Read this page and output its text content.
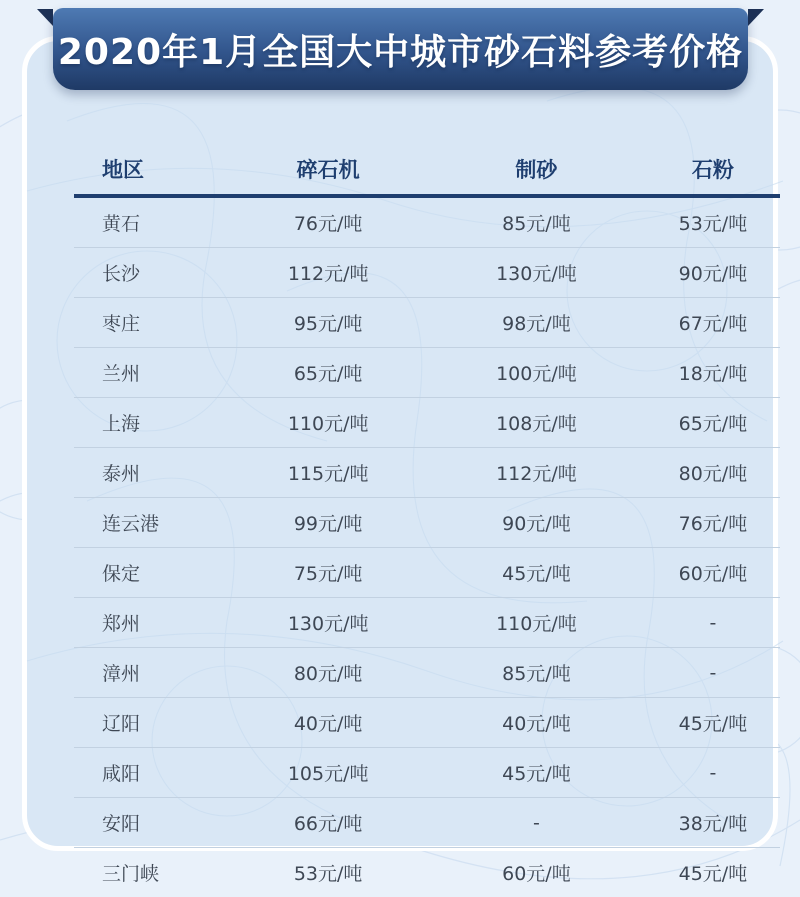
地区	碎石机	制砂	石粉
黄石	76元/吨	85元/吨	53元/吨
长沙	112元/吨	130元/吨	90元/吨
枣庄	95元/吨	98元/吨	67元/吨
兰州	65元/吨	100元/吨	18元/吨
上海	110元/吨	108元/吨	65元/吨
泰州	115元/吨	112元/吨	80元/吨
连云港	99元/吨	90元/吨	76元/吨
保定	75元/吨	45元/吨	60元/吨
郑州	130元/吨	110元/吨	-
漳州	80元/吨	85元/吨	-
辽阳	40元/吨	40元/吨	45元/吨
咸阳	105元/吨	45元/吨	-
安阳	66元/吨	-	38元/吨
三门峡	53元/吨	60元/吨	45元/吨
2020年1月全国大中城市砂石料参考价格
